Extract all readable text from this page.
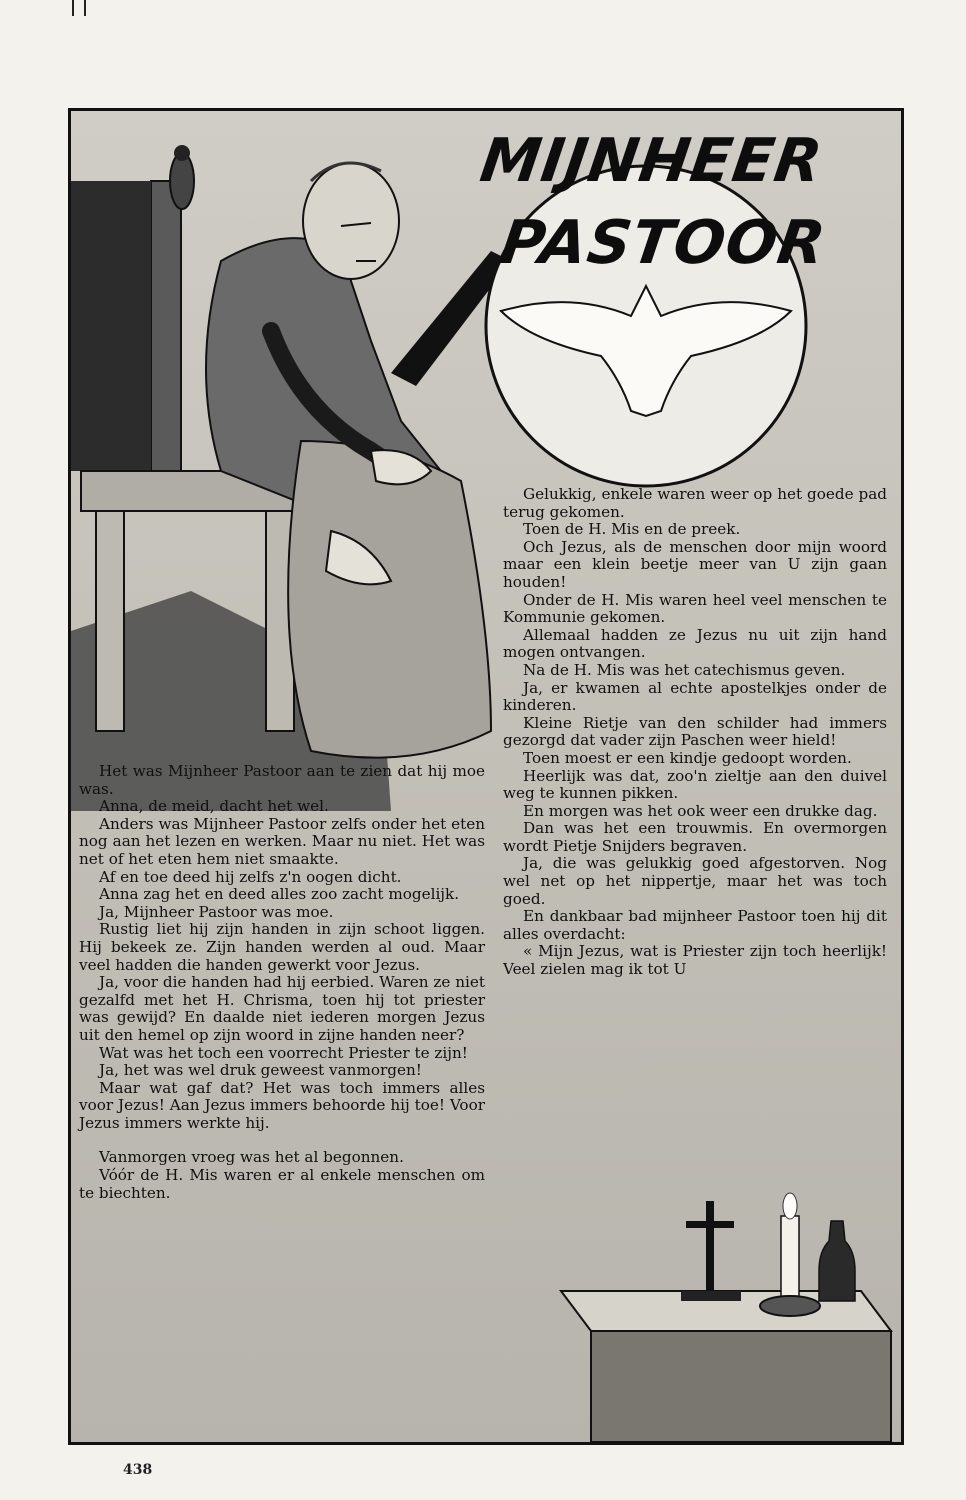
MIJNHEER
PASTOOR

Het was Mijnheer Pastoor aan te zien dat hij moe was.

Anna, de meid, dacht het wel.

Anders was Mijnheer Pastoor zelfs onder het eten nog aan het lezen en werken. Maar nu niet. Het was net of het eten hem niet smaakte.

Af en toe deed hij zelfs z'n oogen dicht.

Anna zag het en deed alles zoo zacht mogelijk.

Ja, Mijnheer Pastoor was moe.

Rustig liet hij zijn handen in zijn schoot liggen. Hij bekeek ze. Zijn handen werden al oud. Maar veel hadden die handen gewerkt voor Jezus.

Ja, voor die handen had hij eerbied. Waren ze niet gezalfd met het H. Chrisma, toen hij tot priester was gewijd? En daalde niet iederen morgen Jezus uit den hemel op zijn woord in zijne handen neer?

Wat was het toch een voorrecht Priester te zijn!

Ja, het was wel druk geweest vanmorgen!

Maar wat gaf dat? Het was toch immers alles voor Jezus! Aan Jezus immers behoorde hij toe! Voor Jezus immers werkte hij.

Vanmorgen vroeg was het al begonnen.

Vóór de H. Mis waren er al enkele menschen om te biechten.

Gelukkig, enkele waren weer op het goede pad terug gekomen.

Toen de H. Mis en de preek.

Och Jezus, als de menschen door mijn woord maar een klein beetje meer van U zijn gaan houden!

Onder de H. Mis waren heel veel menschen te Kommunie gekomen.

Allemaal hadden ze Jezus nu uit zijn hand mogen ontvangen.

Na de H. Mis was het catechismus geven.

Ja, er kwamen al echte apostelkjes onder de kinderen.

Kleine Rietje van den schilder had immers gezorgd dat vader zijn Paschen weer hield!

Toen moest er een kindje gedoopt worden.

Heerlijk was dat, zoo'n zieltje aan den duivel weg te kunnen pikken.

En morgen was het ook weer een drukke dag.

Dan was het een trouwmis. En overmorgen wordt Pietje Snijders begraven.

Ja, die was gelukkig goed afgestorven. Nog wel net op het nippertje, maar het was toch goed.

En dankbaar bad mijnheer Pastoor toen hij dit alles overdacht:

« Mijn Jezus, wat is Priester zijn toch heerlijk! Veel zielen mag ik tot U

438
